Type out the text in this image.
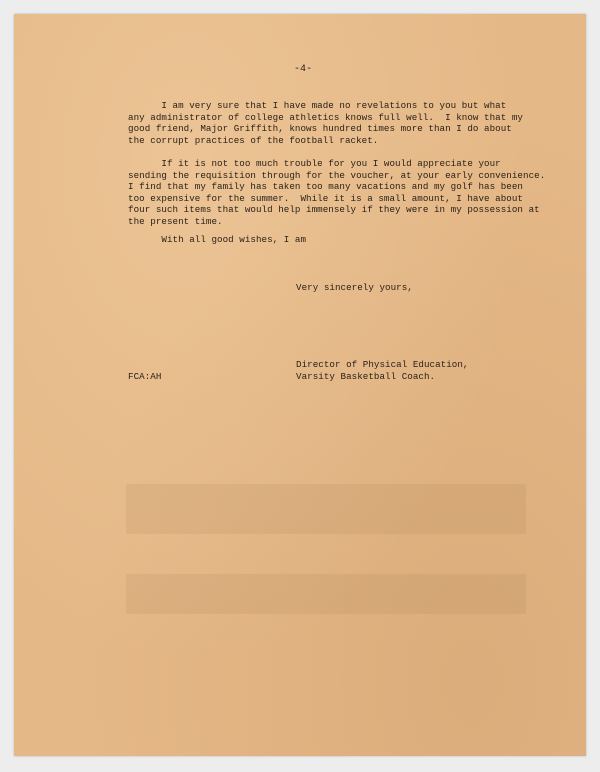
-4-
I am very sure that I have made no revelations to you but what
any administrator of college athletics knows full well.  I know that my
good friend, Major Griffith, knows hundred times more than I do about
the corrupt practices of the football racket.
If it is not too much trouble for you I would appreciate your
sending the requisition through for the voucher, at your early convenience.
I find that my family has taken too many vacations and my golf has been
too expensive for the summer.  While it is a small amount, I have about
four such items that would help immensely if they were in my possession at
the present time.
With all good wishes, I am
Very sincerely yours,
Director of Physical Education,
Varsity Basketball Coach.
FCA:AH
